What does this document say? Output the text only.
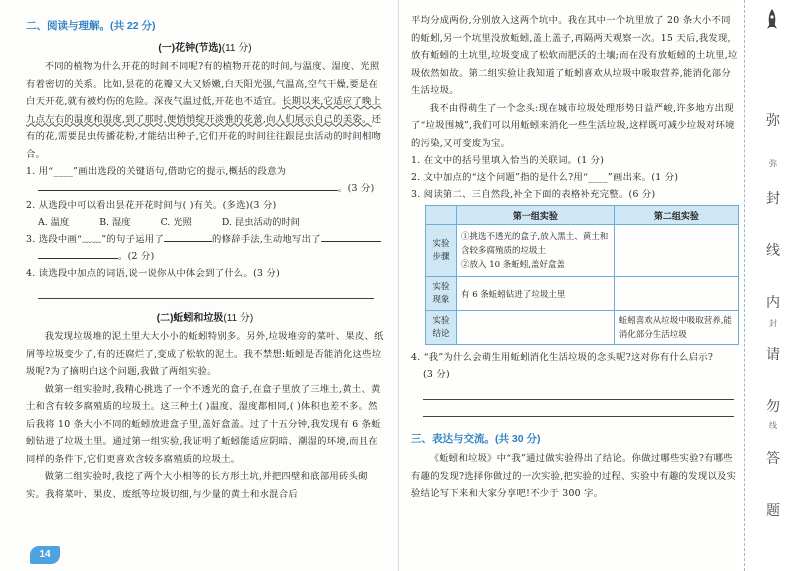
二、阅读与理解。(共 22 分)

(一)花钟(节选)(11 分)

不同的植物为什么开花的时间不同呢?有的植物开花的时间,与温度、湿度、光照有着密切的关系。比如,昙花的花瓣又大又娇嫩,白天阳光强,气温高,空气干燥,要是在白天开花,就有被灼伤的危险。深夜气温过低,开花也不适宜。长期以来,它适应了晚上九点左右的温度和湿度,到了那时,便悄悄绽开淡雅的花蕾,向人们展示自己的美姿。还有的花,需要昆虫传播花粉,才能结出种子,它们开花的时间往往跟昆虫活动的时间相吻合。

1. 用“____”画出选段的关键语句,借助它的提示,概括的段意为

。(3 分)

2. 从选段中可以看出昙花开花时间与( )有关。(多选)(3 分)

A. 温度	B. 湿度	C. 光照	D. 昆虫活动的时间

3. 选段中画“﹏﹏”的句子运用了	的修辞手法,生动地写出了

。(2 分)

4. 读选段中加点的词语,说一说你从中体会到了什么。(3 分)

(二)蚯蚓和垃圾(11 分)

我发现垃圾堆的泥土里大大小小的蚯蚓特别多。另外,垃圾堆旁的菜叶、果皮、纸屑等垃圾变少了,有的还腐烂了,变成了松软的泥土。我不禁想:蚯蚓是否能消化这些垃圾呢?为了摘明白这个问题,我做了两组实验。

做第一组实验时,我精心挑选了一个不透光的盒子,在盒子里放了三堆土,黄土、黄土和含有较多腐殖质的垃圾土。这三种土( )温度、湿度都相同,( )体积也差不多。然后我将 10 条大小不同的蚯蚓放进盒子里,盖好盒盖。过了十五分钟,我发现有 6 条蚯蚓钻进了垃圾土里。通过第一组实验,我证明了蚯蚓能适应阴暗、潮湿的环境,而且在同样的条件下,它们更喜欢含较多腐殖质的垃圾土。

做第二组实验时,我挖了两个大小相等的长方形土坑,并把四壁和底部用砖头砌实。我将菜叶、果皮、废纸等垃圾切细,与少量的黄土和水混合后

14

平均分成两份,分别放入这两个坑中。我在其中一个坑里放了 20 条大小不同的蚯蚓,另一个坑里没放蚯蚓,盖上盖子,再隔两天观察一次。15 天后,我发现,放有蚯蚓的土坑里,垃圾变成了松软而肥沃的土壤;而在没有放蚯蚓的土坑里,垃圾依然如故。第二组实验让我知道了蚯蚓喜欢从垃圾中吸取营养,能消化部分生活垃圾。

我不由得萌生了一个念头:现在城市垃圾处理形势日益严峻,许多地方出现了“垃圾围城”,我们可以用蚯蚓来消化一些生活垃圾,这样既可减少垃圾对环境的污染,又可变废为宝。

1. 在文中的括号里填入恰当的关联词。(1 分)

2. 文中加点的“这个问题”指的是什么?用“____”画出来。(1 分)

3. 阅读第二、三自然段,补全下面的表格补充完整。(6 分)

	第一组实验	第二组实验
实验步骤	①挑选不透光的盒子,放入黑土、黄土和含较多腐殖质的垃圾土
②放入 10 条蚯蚓,盖好盒盖	

实验现象	有 6 条蚯蚓钻进了垃圾土里	
实验结论		蚯蚓喜欢从垃圾中吸取营养,能消化部分生活垃圾

4. “我”为什么会萌生用蚯蚓消化生活垃圾的念头呢?这对你有什么启示?

(3 分)

三、表达与交流。(共 30 分)

《蚯蚓和垃圾》中“我”通过做实验得出了结论。你做过哪些实验?有哪些有趣的发现?选择你做过的一次实验,把实验的过程、实验中有趣的发现以及实验结论写下来和大家分享吧!不少于 300 字。

弥
弥
封
线
内
封
请
勿
线
答
题
